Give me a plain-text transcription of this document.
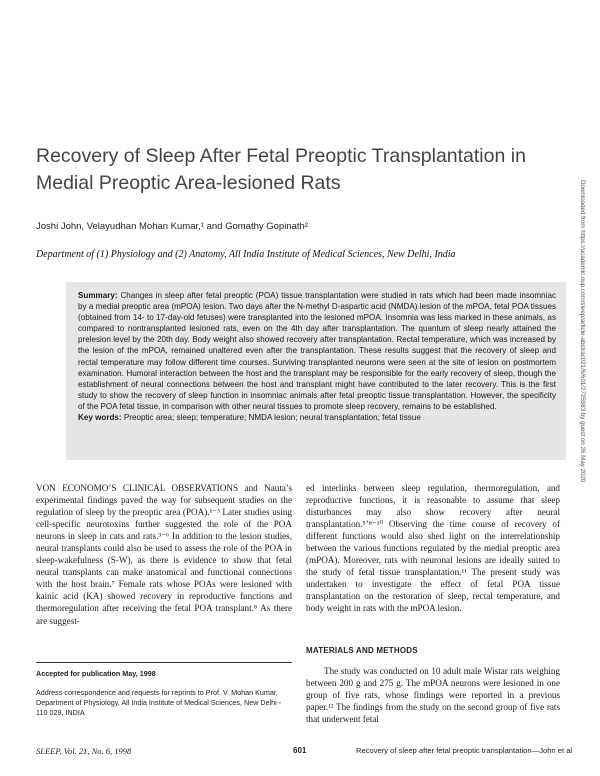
Recovery of Sleep After Fetal Preoptic Transplantation in Medial Preoptic Area-lesioned Rats
Joshi John, Velayudhan Mohan Kumar,¹ and Gomathy Gopinath²
Department of (1) Physiology and (2) Anatomy, All India Institute of Medical Sciences, New Delhi, India
Summary: Changes in sleep after fetal preoptic (POA) tissue transplantation were studied in rats which had been made insomniac by a medial preoptic area (mPOA) lesion. Two days after the N-methyl D-aspartic acid (NMDA) lesion of the mPOA, fetal POA tissues (obtained from 14- to 17-day-old fetuses) were transplanted into the lesioned mPOA. Insomnia was less marked in these animals, as compared to nontransplanted lesioned rats, even on the 4th day after transplantation. The quantum of sleep nearly attained the prelesion level by the 20th day. Body weight also showed recovery after transplantation. Rectal temperature, which was increased by the lesion of the mPOA, remained unaltered even after the transplantation. These results suggest that the recovery of sleep and rectal temperature may follow different time courses. Surviving transplanted neurons were seen at the site of lesion on postmortem examination. Humoral interaction between the host and the transplant may be responsible for the early recovery of sleep, though the establishment of neural connections between the host and transplant might have contributed to the later recovery. This is the first study to show the recovery of sleep function in insomniac animals after fetal preoptic tissue transplantation. However, the specificity of the POA fetal tissue, in comparison with other neural tissues to promote sleep recovery, remains to be established.
Key words: Preoptic area; sleep; temperature; NMDA lesion; neural transplantation; fetal tissue

VON ECONOMO’S CLINICAL OBSERVATIONS and Nauta’s experimental findings paved the way for subsequent studies on the regulation of sleep by the preoptic area (POA).¹⁻³ Later studies using cell-specific neurotoxins further suggested the role of the POA neurons in sleep in cats and rats.³⁻⁶ In addition to the lesion studies, neural transplants could also be used to assess the role of the POA in sleep-wakefulness (S-W), as there is evidence to show that fetal neural transplants can make anatomical and functional connections with the host brain.⁷ Female rats whose POAs were lesioned with kainic acid (KA) showed recovery in reproductive functions and thermoregulation after receiving the fetal POA transplant.⁸ As there are suggest-

ed interlinks between sleep regulation, thermoregulation, and reproductive functions, it is reasonable to assume that sleep disturbances may also show recovery after neural transplantation.⁵ʼ⁸⁻¹⁰ Observing the time course of recovery of different functions would also shed light on the interrelationship between the various functions regulated by the medial preoptic area (mPOA). Moreover, rats with neuronal lesions are ideally suited to the study of fetal tissue transplantation.¹¹ The present study was undertaken to investigate the effect of fetal POA tissue transplantation on the restoration of sleep, rectal temperature, and body weight in rats with the mPOA lesion.

MATERIALS AND METHODS

The study was conducted on 10 adult male Wistar rats weighing between 200 g and 275 g. The mPOA neurons were lesioned in one group of five rats, whose findings were reported in a previous paper.¹² The findings from the study on the second group of five rats that underwent fetal

Accepted for publication May, 1998
Address correspondence and requests for reprints to Prof. V. Mohan Kumar, Department of Physiology, All India Institute of Medical Sciences, New Delhi - 110 029, INDIA
SLEEP, Vol. 21, No. 6, 1998	601	Recovery of sleep after fetal preoptic transplantation—John et al
Downloaded from https://academic.oup.com/sleep/article-abstract/21/6/601/2725983 by guest on 26 May 2020
